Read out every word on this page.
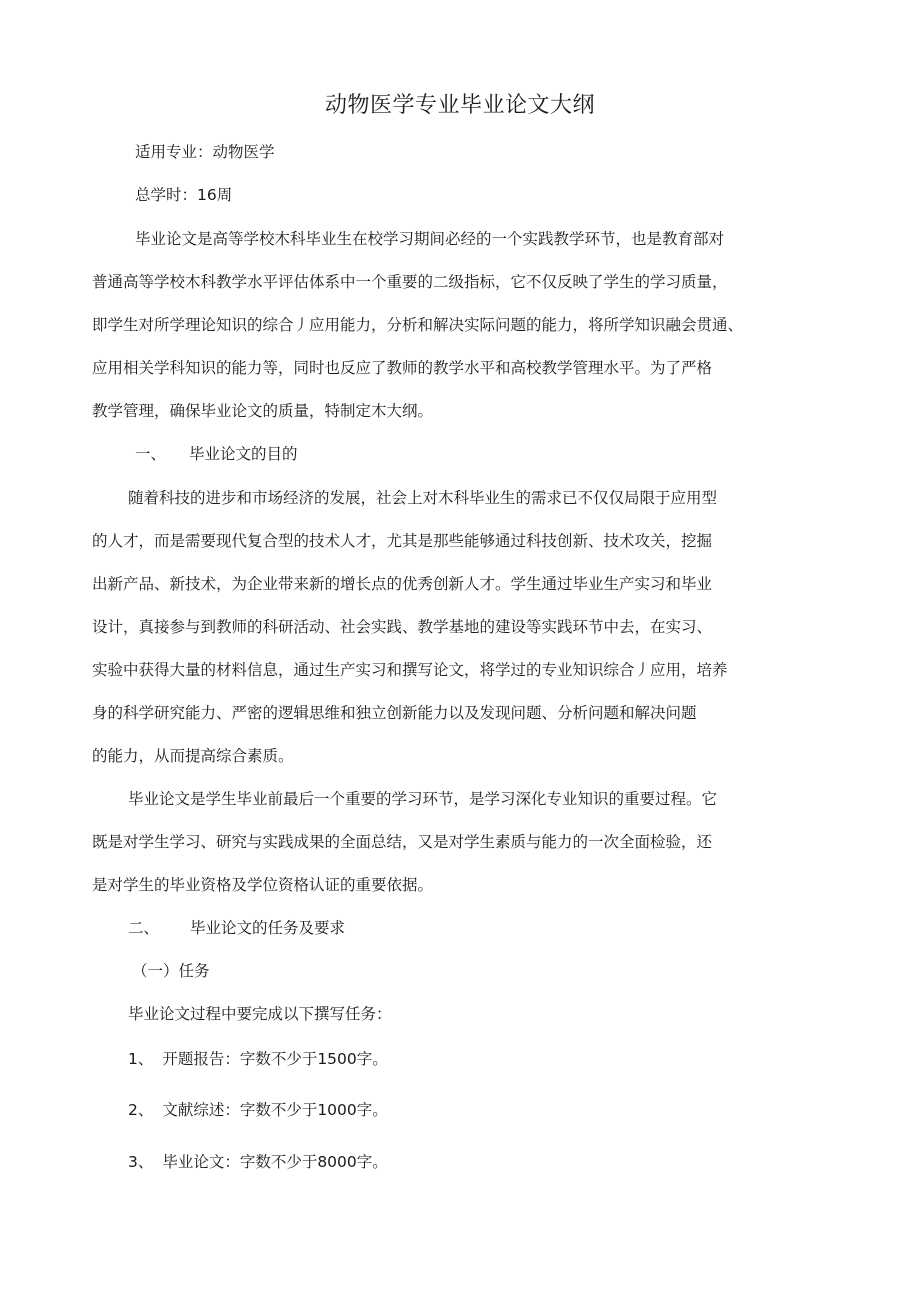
动物医学专业毕业论文大纲
适用专业：动物医学
总学时：16周
毕业论文是高等学校木科毕业生在校学习期间必经的一个实践教学环节，也是教育部对
普通高等学校木科教学水平评估体系中一个重要的二级指标，它不仅反映了学生的学习质量，
即学生对所学理论知识的综合丿应用能力，分析和解决实际问题的能力，将所学知识融会贯通、
应用相关学科知识的能力等，同时也反应了教师的教学水平和高校教学管理水平。为了严格
教学管理，确保毕业论文的质量，特制定木大纲。
一、 毕业论文的目的
随着科技的进步和市场经济的发展，社会上对木科毕业生的需求已不仅仅局限于应用型
的人才，而是需要现代复合型的技术人才，尤其是那些能够通过科技创新、技术攻关，挖掘
出新产品、新技术，为企业带来新的增长点的优秀创新人才。学生通过毕业生产实习和毕业
设计，真接参与到教师的科研活动、社会实践、教学基地的建设等实践环节中去，在实习、
实验中获得大量的材料信息，通过生产实习和撰写论文，将学过的专业知识综合丿应用，培养
身的科学研究能力、严密的逻辑思维和独立创新能力以及发现问题、分析问题和解决问题
的能力，从而提高综合素质。
毕业论文是学生毕业前最后一个重要的学习环节，是学习深化专业知识的重要过程。它
既是对学生学习、研究与实践成果的全面总结，又是对学生素质与能力的一次全面检验，还
是对学生的毕业资格及学位资格认证的重要依据。
二、 毕业论文的任务及要求
（一）任务
毕业论文过程中要完成以下撰写任务：
1、 开题报告：字数不少于1500字。
2、 文献综述：字数不少于1000字。
3、 毕业论文：字数不少于8000字。
